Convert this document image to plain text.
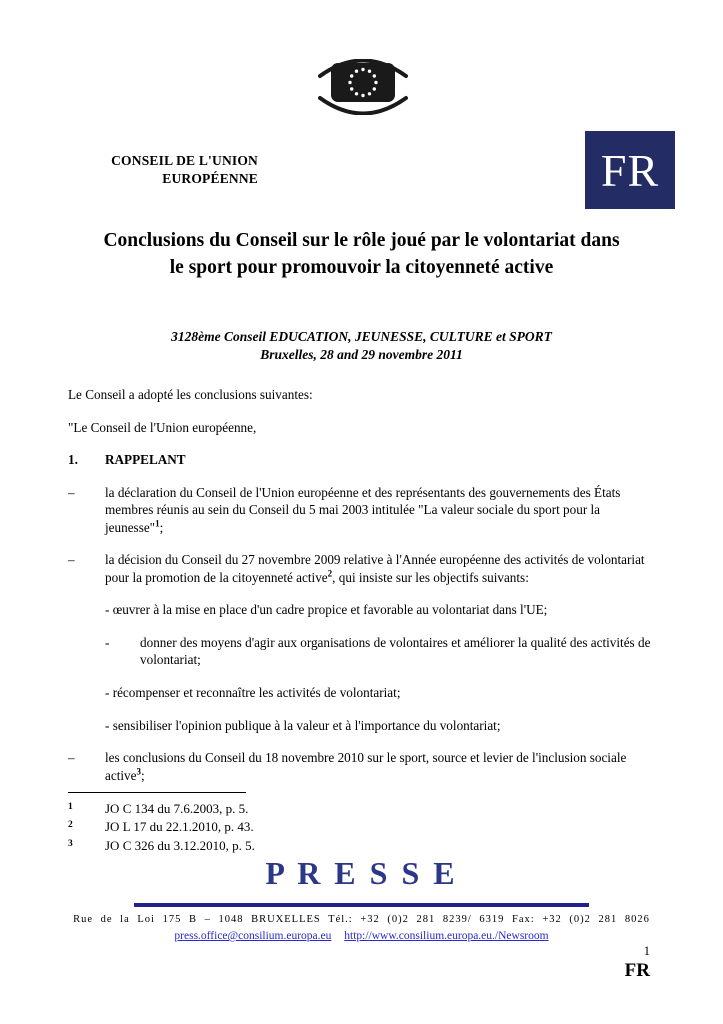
CONSEIL DE L'UNION
EUROPÉENNE	FR
Conclusions du Conseil sur le rôle joué par le volontariat dans
le sport pour promouvoir la citoyenneté active
3128ème Conseil EDUCATION, JEUNESSE, CULTURE et SPORT
Bruxelles, 28 and 29 novembre 2011

Le Conseil a adopté les conclusions suivantes:

"Le Conseil de l'Union européenne,

1.	RAPPELANT
–	la déclaration du Conseil de l'Union européenne et des représentants des gouvernements des États membres réunis au sein du Conseil du 5 mai 2003 intitulée "La valeur sociale du sport pour la jeunesse"$^1$;
–	la décision du Conseil du 27 novembre 2009 relative à l'Année européenne des activités de volontariat pour la promotion de la citoyenneté active$^2$, qui insiste sur les objectifs suivants:
- œuvrer à la mise en place d'un cadre propice et favorable au volontariat dans l'UE;
-	donner des moyens d'agir aux organisations de volontaires et améliorer la qualité des activités de volontariat;
- récompenser et reconnaître les activités de volontariat;
- sensibiliser l'opinion publique à la valeur et à l'importance du volontariat;
–	les conclusions du Conseil du 18 novembre 2010 sur le sport, source et levier de l'inclusion sociale active$^3$;
1	JO C 134 du 7.6.2003, p. 5.
2	JO L 17 du 22.1.2010, p. 43.
3	JO C 326 du 3.12.2010, p. 5.
P R E S S E
Rue de la Loi 175 B – 1048 BRUXELLES Tél.: +32 (0)2 281 8239/ 6319 Fax: +32 (0)2 281 8026
press.office@consilium.europa.eu http://www.consilium.europa.eu./Newsroom
1
FR
